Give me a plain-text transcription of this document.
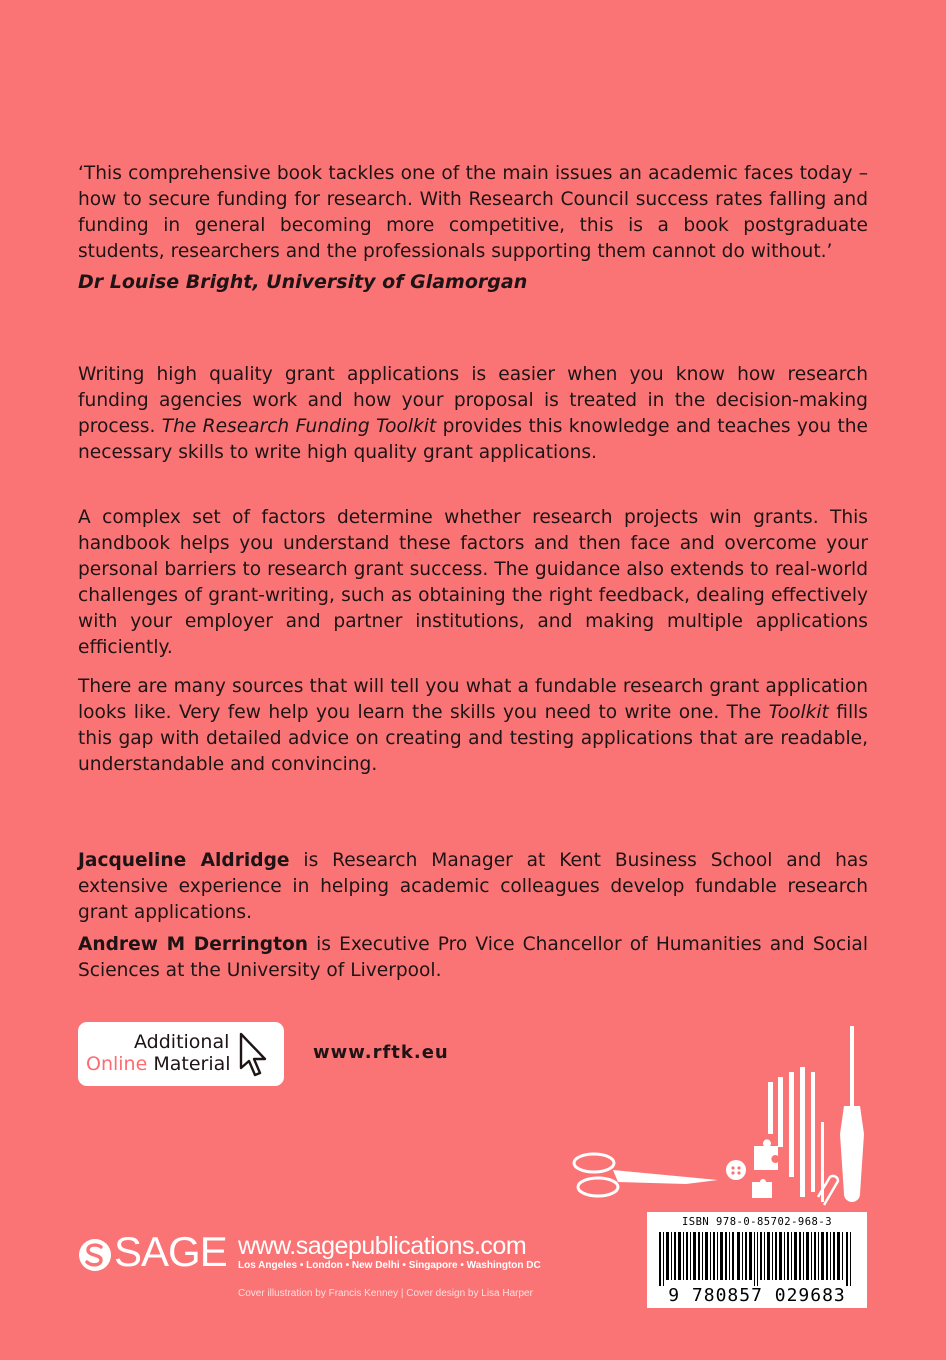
‘This comprehensive book tackles one of the main issues an academic faces today – how to secure funding for research. With Research Council success rates falling and funding in general becoming more competitive, this is a book postgraduate students, researchers and the professionals supporting them cannot do without.’

Dr Louise Bright, University of Glamorgan

Writing high quality grant applications is easier when you know how research funding agencies work and how your proposal is treated in the decision-making process. The Research Funding Toolkit provides this knowledge and teaches you the necessary skills to write high quality grant applications.

A complex set of factors determine whether research projects win grants. This handbook helps you understand these factors and then face and overcome your personal barriers to research grant success. The guidance also extends to real-world challenges of grant-writing, such as obtaining the right feedback, dealing effectively with your employer and partner institutions, and making multiple applications efficiently.

There are many sources that will tell you what a fundable research grant application looks like. Very few help you learn the skills you need to write one. The Toolkit fills this gap with detailed advice on creating and testing applications that are readable, understandable and convincing.

Jacqueline Aldridge is Research Manager at Kent Business School and has extensive experience in helping academic colleagues develop fundable research grant applications.

Andrew M Derrington is Executive Pro Vice Chancellor of Humanities and Social Sciences at the University of Liverpool.

Additional
Online Material
www.rftk.eu
ISBN 978-0-85702-968-3
9 780857 029683
SAGE www.sagepublications.com
Los Angeles • London • New Delhi • Singapore • Washington DC
Cover illustration by Francis Kenney | Cover design by Lisa Harper
